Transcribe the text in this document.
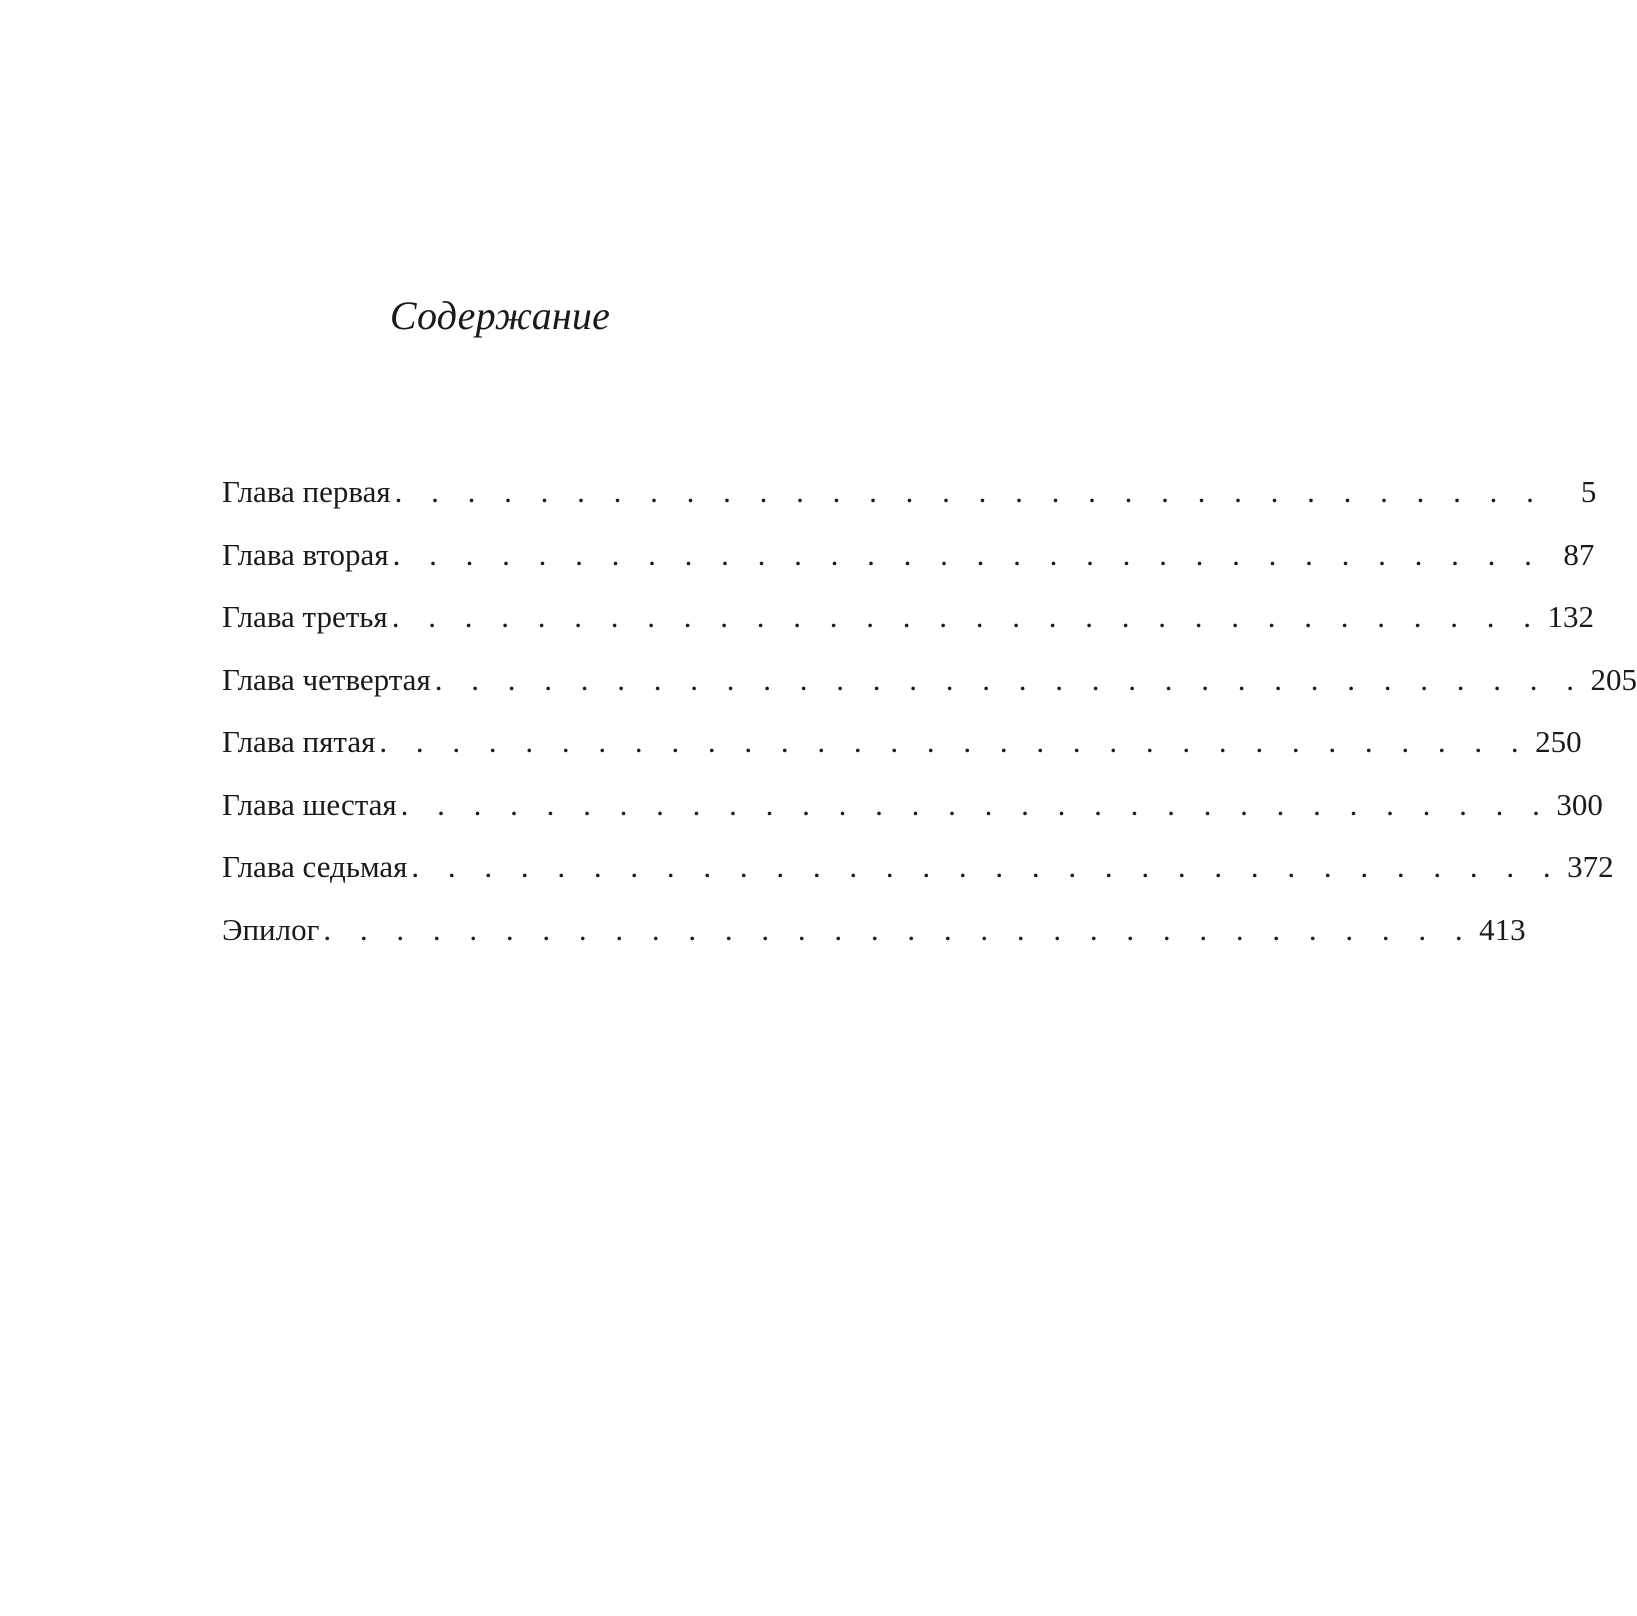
Содержание
Глава первая . . . . . . . . . . . . . . . . . . . . . . . . . . . . . . . .	5
Глава вторая . . . . . . . . . . . . . . . . . . . . . . . . . . . . . . . . 87
Глава третья . . . . . . . . . . . . . . . . . . . . . . . . . . . . . . . . 132
Глава четвертая . . . . . . . . . . . . . . . . . . . . . . . . . . . . . . . . 205
Глава пятая . . . . . . . . . . . . . . . . . . . . . . . . . . . . . . . . 250
Глава шестая . . . . . . . . . . . . . . . . . . . . . . . . . . . . . . . . 300
Глава седьмая . . . . . . . . . . . . . . . . . . . . . . . . . . . . . . . . 372
Эпилог . . . . . . . . . . . . . . . . . . . . . . . . . . . . . . . . 413
